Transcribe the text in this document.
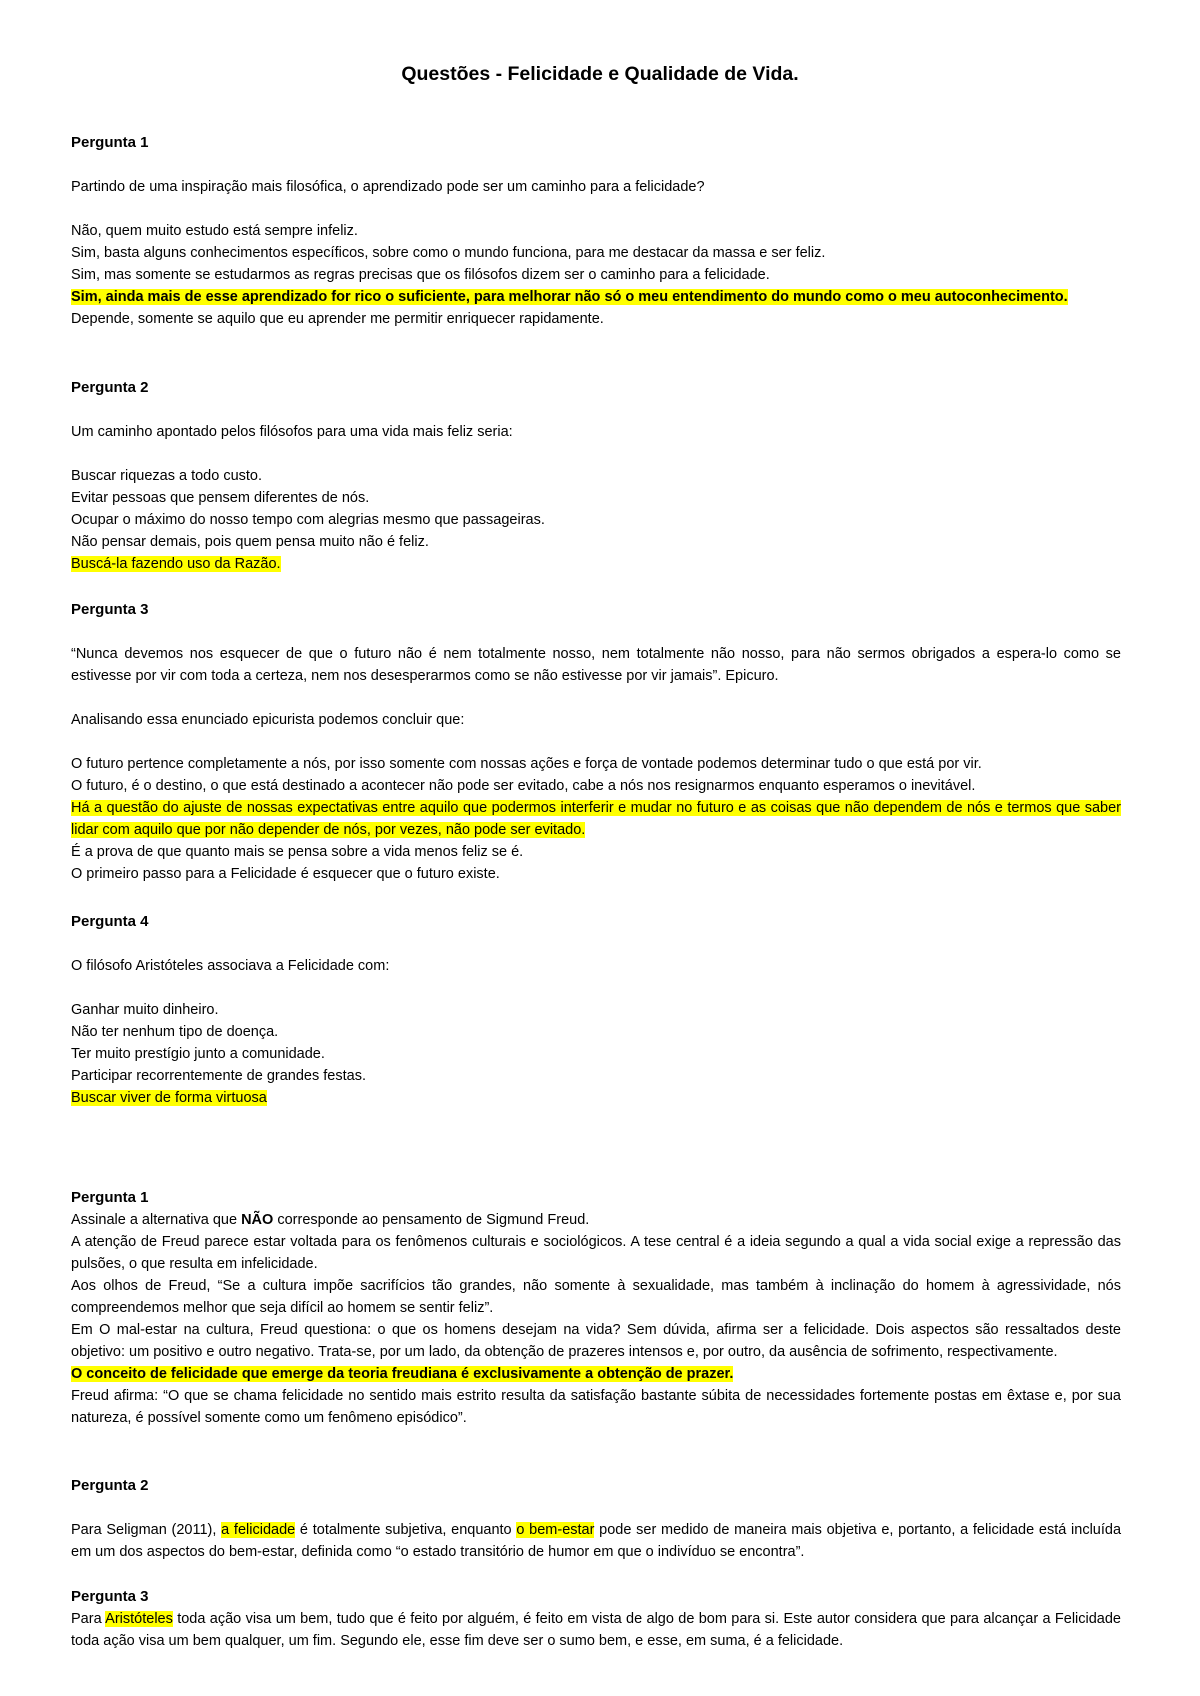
Questões - Felicidade e Qualidade de Vida.
Pergunta 1
Partindo de uma inspiração mais filosófica, o aprendizado pode ser um caminho para a felicidade?
Não, quem muito estudo está sempre infeliz.
Sim, basta alguns conhecimentos específicos, sobre como o mundo funciona, para me destacar da massa e ser feliz.
Sim, mas somente se estudarmos as regras precisas que os filósofos dizem ser o caminho para a felicidade.
Sim, ainda mais de esse aprendizado for rico o suficiente, para melhorar não só o meu entendimento do mundo como o meu autoconhecimento.
Depende, somente se aquilo que eu aprender me permitir enriquecer rapidamente.
Pergunta 2
Um caminho apontado pelos filósofos para uma vida mais feliz seria:
Buscar riquezas a todo custo.
Evitar pessoas que pensem diferentes de nós.
Ocupar o máximo do nosso tempo com alegrias mesmo que passageiras.
Não pensar demais, pois quem pensa muito não é feliz.
Buscá-la fazendo uso da Razão.
Pergunta 3
“Nunca devemos nos esquecer de que o futuro não é nem totalmente nosso, nem totalmente não nosso, para não sermos obrigados a espera-lo como se estivesse por vir com toda a certeza, nem nos desesperarmos como se não estivesse por vir jamais”. Epicuro.
Analisando essa enunciado epicurista podemos concluir que:
O futuro pertence completamente a nós, por isso somente com nossas ações e força de vontade podemos determinar tudo o que está por vir.
O futuro, é o destino, o que está destinado a acontecer não pode ser evitado, cabe a nós nos resignarmos enquanto esperamos o inevitável.
Há a questão do ajuste de nossas expectativas entre aquilo que podermos interferir e mudar no futuro e as coisas que não dependem de nós e termos que saber lidar com aquilo que por não depender de nós, por vezes, não pode ser evitado.
É a prova de que quanto mais se pensa sobre a vida menos feliz se é.
O primeiro passo para a Felicidade é esquecer que o futuro existe.
Pergunta 4
O filósofo Aristóteles associava a Felicidade com:
Ganhar muito dinheiro.
Não ter nenhum tipo de doença.
Ter muito prestígio junto a comunidade.
Participar recorrentemente de grandes festas.
Buscar viver de forma virtuosa
Pergunta 1
Assinale a alternativa que NÃO corresponde ao pensamento de Sigmund Freud.
A atenção de Freud parece estar voltada para os fenômenos culturais e sociológicos. A tese central é a ideia segundo a qual a vida social exige a repressão das pulsões, o que resulta em infelicidade.
Aos olhos de Freud, “Se a cultura impõe sacrifícios tão grandes, não somente à sexualidade, mas também à inclinação do homem à agressividade, nós compreendemos melhor que seja difícil ao homem se sentir feliz”.
Em O mal-estar na cultura, Freud questiona: o que os homens desejam na vida? Sem dúvida, afirma ser a felicidade. Dois aspectos são ressaltados deste objetivo: um positivo e outro negativo. Trata-se, por um lado, da obtenção de prazeres intensos e, por outro, da ausência de sofrimento, respectivamente.
O conceito de felicidade que emerge da teoria freudiana é exclusivamente a obtenção de prazer.
Freud afirma: “O que se chama felicidade no sentido mais estrito resulta da satisfação bastante súbita de necessidades fortemente postas em êxtase e, por sua natureza, é possível somente como um fenômeno episódico”.
Pergunta 2
Para Seligman (2011), a felicidade é totalmente subjetiva, enquanto o bem-estar pode ser medido de maneira mais objetiva e, portanto, a felicidade está incluída em um dos aspectos do bem-estar, definida como “o estado transitório de humor em que o indivíduo se encontra”.
Pergunta 3
Para Aristóteles toda ação visa um bem, tudo que é feito por alguém, é feito em vista de algo de bom para si. Este autor considera que para alcançar a Felicidade toda ação visa um bem qualquer, um fim. Segundo ele, esse fim deve ser o sumo bem, e esse, em suma, é a felicidade.
